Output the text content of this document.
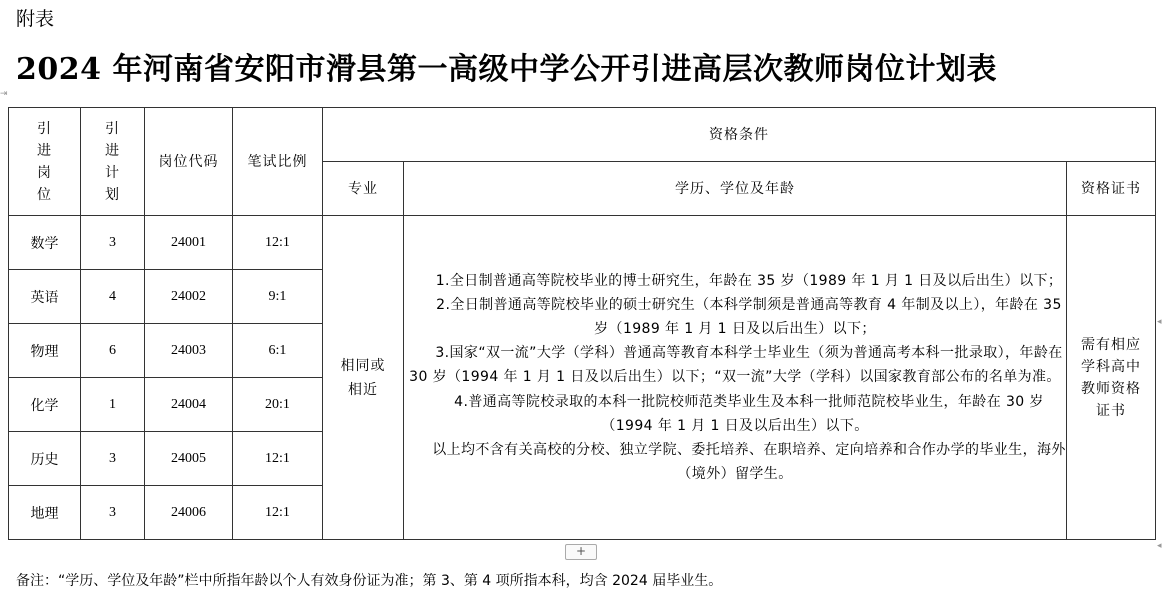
附表
2024 年河南省安阳市滑县第一高级中学公开引进高层次教师岗位计划表
⇥
◂
◂
引进岗位	引进计划	岗位代码	笔试比例	资格条件		
				专业	学历、学位及年龄	资格证书
数学	3	24001	12:1	相同或相近	1.全日制普通高等院校毕业的博士研究生，年龄在 35 岁（1989 年 1 月 1 日及以后出生）以下；
2.全日制普通高等院校毕业的硕士研究生（本科学制须是普通高等教育 4 年制及以上），年龄在 35 岁（1989 年 1 月 1 日及以后出生）以下；
3.国家“双一流”大学（学科）普通高等教育本科学士毕业生（须为普通高考本科一批录取），年龄在 30 岁（1994 年 1 月 1 日及以后出生）以下；“双一流”大学（学科）以国家教育部公布的名单为准。
4.普通高等院校录取的本科一批院校师范类毕业生及本科一批师范院校毕业生，年龄在 30 岁（1994 年 1 月 1 日及以后出生）以下。
以上均不含有关高校的分校、独立学院、委托培养、在职培养、定向培养和合作办学的毕业生，海外（境外）留学生。	需有相应学科高中教师资格证书

英语	4	24002	9:1			
物理	6	24003	6:1			
化学	1	24004	20:1			
历史	3	24005	12:1			
地理	3	24006	12:1			
+
备注：“学历、学位及年龄”栏中所指年龄以个人有效身份证为准；第 3、第 4 项所指本科，均含 2024 届毕业生。
